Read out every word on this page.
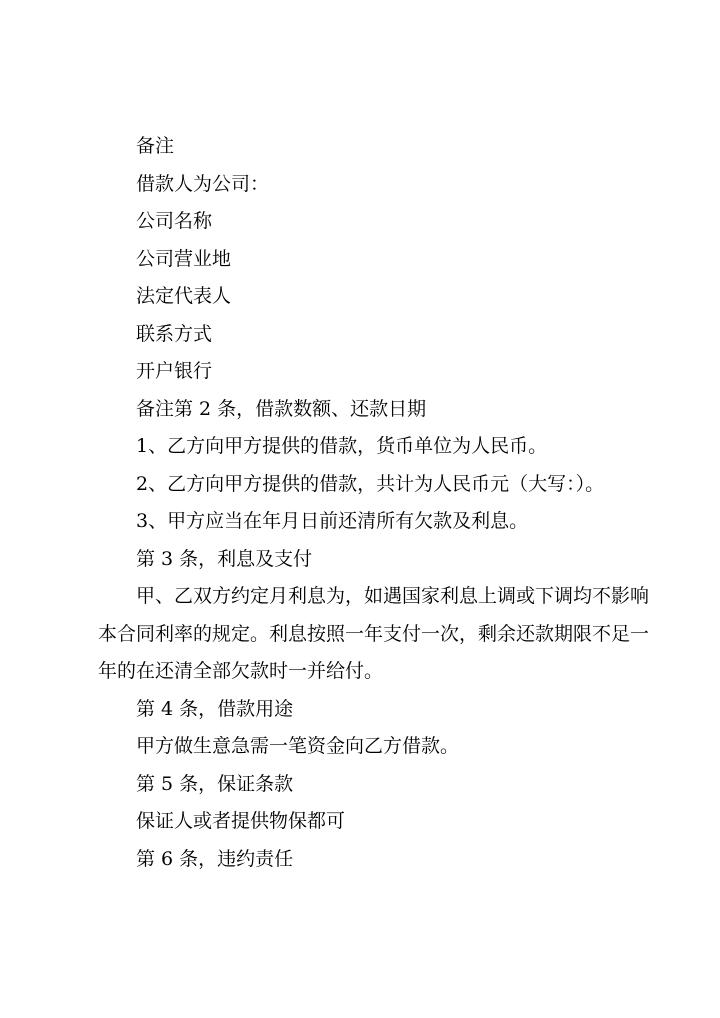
备注

借款人为公司：

公司名称

公司营业地

法定代表人

联系方式

开户银行

备注第 2 条，借款数额、还款日期

1、乙方向甲方提供的借款，货币单位为人民币。

2、乙方向甲方提供的借款，共计为人民币元（大写：）。

3、甲方应当在年月日前还清所有欠款及利息。

第 3 条，利息及支付

甲、乙双方约定月利息为，如遇国家利息上调或下调均不影响本合同利率的规定。利息按照一年支付一次，剩余还款期限不足一年的在还清全部欠款时一并给付。

第 4 条，借款用途

甲方做生意急需一笔资金向乙方借款。

第 5 条，保证条款

保证人或者提供物保都可

第 6 条，违约责任
